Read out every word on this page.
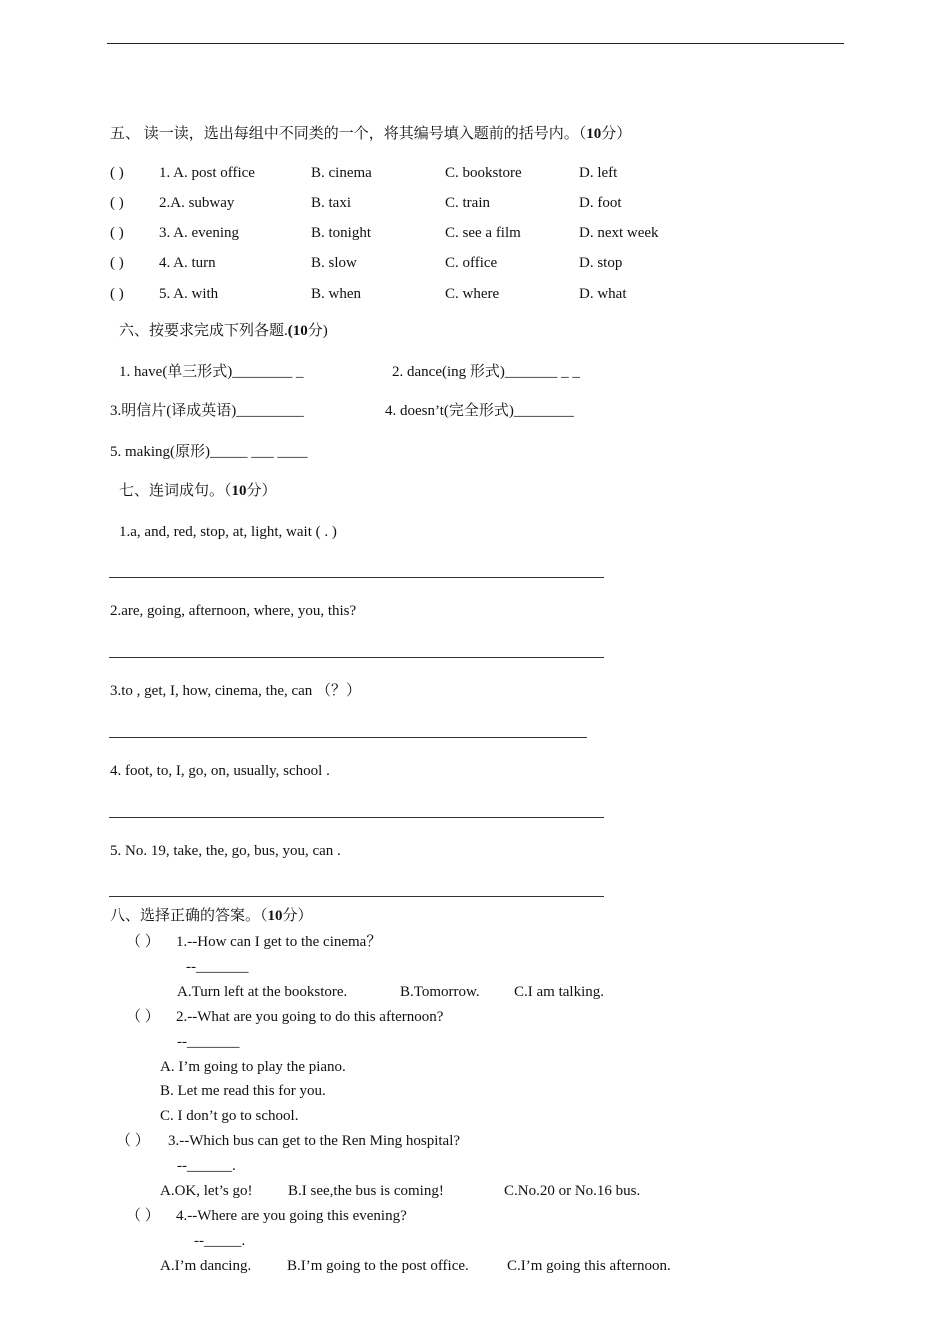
五、 读一读，选出每组中不同类的一个，将其编号填入题前的括号内。（10分）
( ) 1. A. post office	B. cinema	C. bookstore	D. left
( ) 2.A. subway	B. taxi	C. train	D. foot
( ) 3. A. evening	B. tonight	C. see a film	D. next week
( ) 4. A. turn	B. slow	C. office	D. stop
( ) 5. A. with	B. when	C. where	D. what
六、按要求完成下列各题.(10分)
1. have(单三形式)________ _	2. dance(ing 形式)_______ _ _
3.明信片(译成英语)_________	4. doesn’t(完全形式)________
5. making(原形)_____ ___ ____
七、连词成句。（10分）
1.a, and, red, stop, at, light, wait ( . )
2.are, going, afternoon, where, you, this?
3.to , get, I, how, cinema, the, can （？）
4. foot, to, I, go, on, usually, school .
5. No. 19, take, the, go, bus, you, can .
八、选择正确的答案。（10分）
（ ） 1.--How can I get to the cinema？
--_______
A.Turn left at the bookstore.	B.Tomorrow. C.I am talking.
（ ） 2.--What are you going to do this afternoon?
--_______
A. I’m going to play the piano.
B. Let me read this for you.
C. I don’t go to school.
（ ） 3.--Which bus can get to the Ren Ming hospital?
--______.
A.OK, let’s go! B.I see,the bus is coming!	C.No.20 or No.16 bus.
（ ） 4.--Where are you going this evening?
--_____.
A.I’m dancing. B.I’m going to the post office.	C.I’m going this afternoon.
